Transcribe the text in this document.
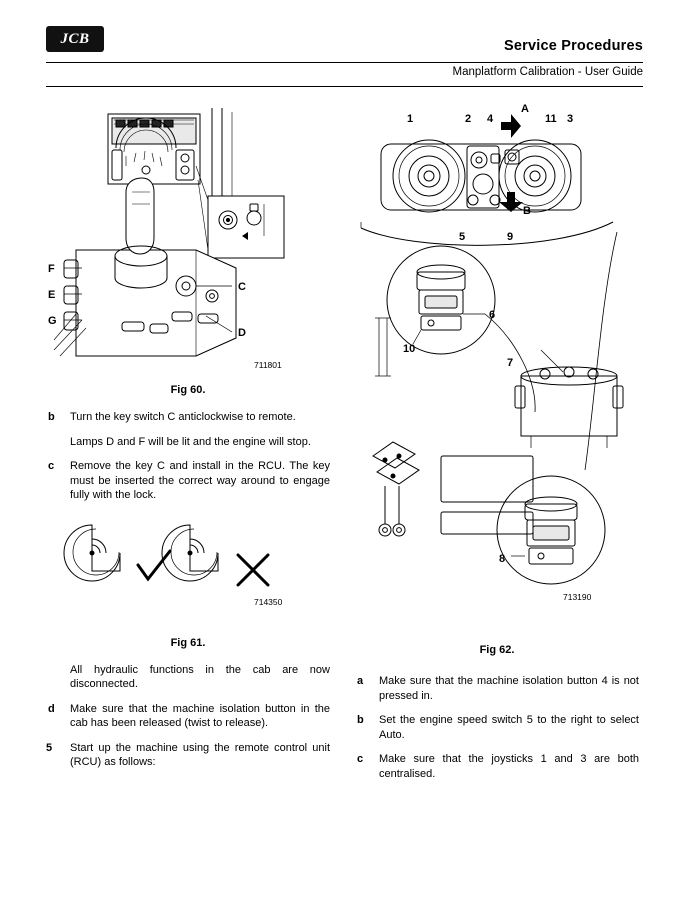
JCB	Service Procedures
Manplatform Calibration - User Guide
F
E
G
C
D
711801
Fig 60.

b Turn the key switch C anticlockwise to remote.

Lamps D and F will be lit and the engine will stop.

c Remove the key C and install in the RCU. The key must be inserted the correct way around to engage fully with the lock.

714350
Fig 61.

All hydraulic functions in the cab are now disconnected.

d Make sure that the machine isolation button in the cab has been released (twist to release).

5 Start up the machine using the remote control unit (RCU) as follows:

1	2 4
A
11 3
B
5	9
6
10
7
8
713190
Fig 62.

a Make sure that the machine isolation button 4 is not pressed in.

b Set the engine speed switch 5 to the right to select Auto.

c Make sure that the joysticks 1 and 3 are both centralised.
